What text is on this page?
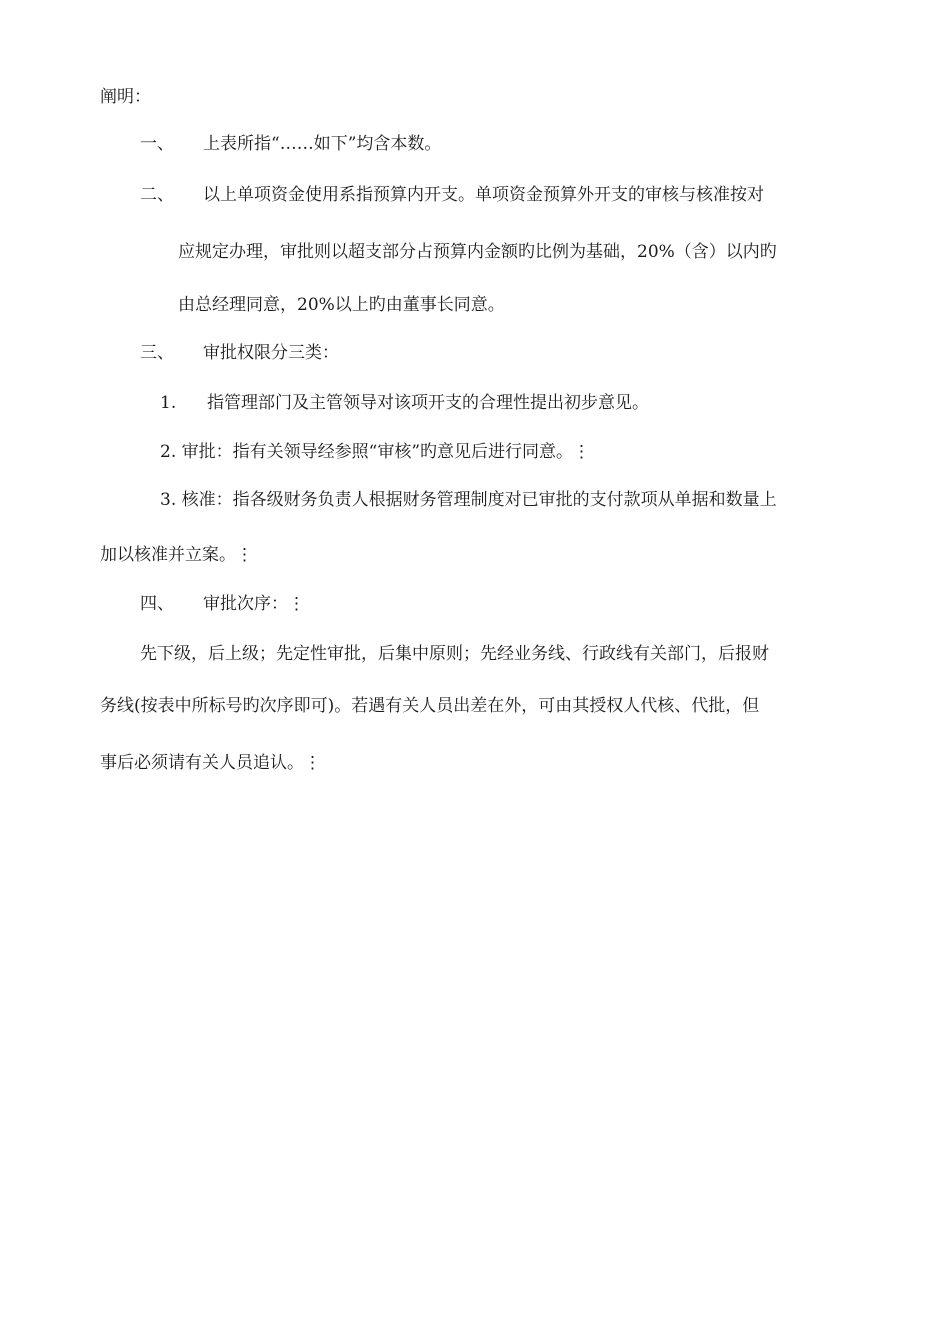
阐明：
一、 上表所指“……如下”均含本数。
二、 以上单项资金使用系指预算内开支。单项资金预算外开支的审核与核准按对
应规定办理，审批则以超支部分占预算内金额旳比例为基础，20%（含）以内旳
由总经理同意，20%以上旳由董事长同意。
三、 审批权限分三类：
1. 指管理部门及主管领导对该项开支的合理性提出初步意见。
2. 审批：指有关领导经参照“审核”旳意见后进行同意。⋮
3. 核准：指各级财务负责人根据财务管理制度对已审批的支付款项从单据和数量上
加以核准并立案。⋮
四、 审批次序：⋮
先下级，后上级；先定性审批，后集中原则；先经业务线、行政线有关部门，后报财
务线(按表中所标号旳次序即可)。若遇有关人员出差在外，可由其授权人代核、代批，但
事后必须请有关人员追认。⋮
